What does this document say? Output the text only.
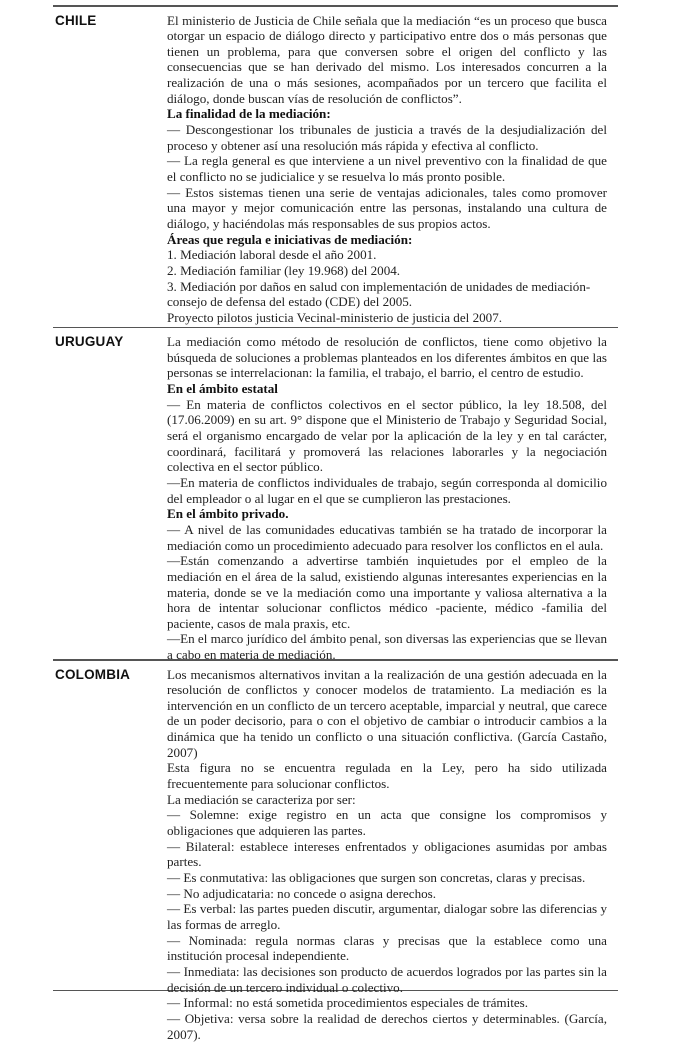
CHILE	El ministerio de Justicia de Chile señala que la mediación “es un proceso que busca otorgar un espacio de diálogo directo y participativo entre dos o más personas que tienen un problema, para que conversen sobre el origen del conflicto y las consecuencias que se han derivado del mismo. Los interesados concurren a la realización de una o más sesiones, acompañados por un tercero que facilita el diálogo, donde buscan vías de resolución de conflictos”.

La finalidad de la mediación:

— Descongestionar los tribunales de justicia a través de la desjudialización del proceso y obtener así una resolución más rápida y efectiva al conflicto.

— La regla general es que interviene a un nivel preventivo con la finalidad de que el conflicto no se judicialice y se resuelva lo más pronto posible.

— Estos sistemas tienen una serie de ventajas adicionales, tales como promover una mayor y mejor comunicación entre las personas, instalando una cultura de diálogo, y haciéndolas más responsables de sus propios actos.

Áreas que regula e iniciativas de mediación:

1. Mediación laboral desde el año 2001.

2. Mediación familiar (ley 19.968) del 2004.

3. Mediación por daños en salud con implementación de unidades de mediación-consejo de defensa del estado (CDE) del 2005.

Proyecto pilotos justicia Vecinal-ministerio de justicia del 2007.

URUGUAY	La mediación como método de resolución de conflictos, tiene como objetivo la búsqueda de soluciones a problemas planteados en los diferentes ámbitos en que las personas se interrelacionan: la familia, el trabajo, el barrio, el centro de estudio.

En el ámbito estatal

— En materia de conflictos colectivos en el sector público, la ley 18.508, del (17.06.2009) en su art. 9° dispone que el Ministerio de Trabajo y Seguridad Social, será el organismo encargado de velar por la aplicación de la ley y en tal carácter, coordinará, facilitará y promoverá las relaciones laborarles y la negociación colectiva en el sector público.

—En materia de conflictos individuales de trabajo, según corresponda al domicilio del empleador o al lugar en el que se cumplieron las prestaciones.

En el ámbito privado.

— A nivel de las comunidades educativas también se ha tratado de incorporar la mediación como un procedimiento adecuado para resolver los conflictos en el aula.

—Están comenzando a advertirse también inquietudes por el empleo de la mediación en el área de la salud, existiendo algunas interesantes experiencias en la materia, donde se ve la mediación como una importante y valiosa alternativa a la hora de intentar solucionar conflictos médico -paciente, médico -familia del paciente, casos de mala praxis, etc.

—En el marco jurídico del ámbito penal, son diversas las experiencias que se llevan a cabo en materia de mediación.

COLOMBIA	Los mecanismos alternativos invitan a la realización de una gestión adecuada en la resolución de conflictos y conocer modelos de tratamiento. La mediación es la intervención en un conflicto de un tercero aceptable, imparcial y neutral, que carece de un poder decisorio, para o con el objetivo de cambiar o introducir cambios a la dinámica que ha tenido un conflicto o una situación conflictiva. (García Castaño, 2007)

Esta figura no se encuentra regulada en la Ley, pero ha sido utilizada frecuentemente para solucionar conflictos.

La mediación se caracteriza por ser:

— Solemne: exige registro en un acta que consigne los compromisos y obligaciones que adquieren las partes.

— Bilateral: establece intereses enfrentados y obligaciones asumidas por ambas partes.

— Es conmutativa: las obligaciones que surgen son concretas, claras y precisas.

— No adjudicataria: no concede o asigna derechos.

— Es verbal: las partes pueden discutir, argumentar, dialogar sobre las diferencias y las formas de arreglo.

— Nominada: regula normas claras y precisas que la establece como una institución procesal independiente.

— Inmediata: las decisiones son producto de acuerdos logrados por las partes sin la decisión de un tercero individual o colectivo.

— Informal: no está sometida procedimientos especiales de trámites.

— Objetiva: versa sobre la realidad de derechos ciertos y determinables. (García, 2007).
